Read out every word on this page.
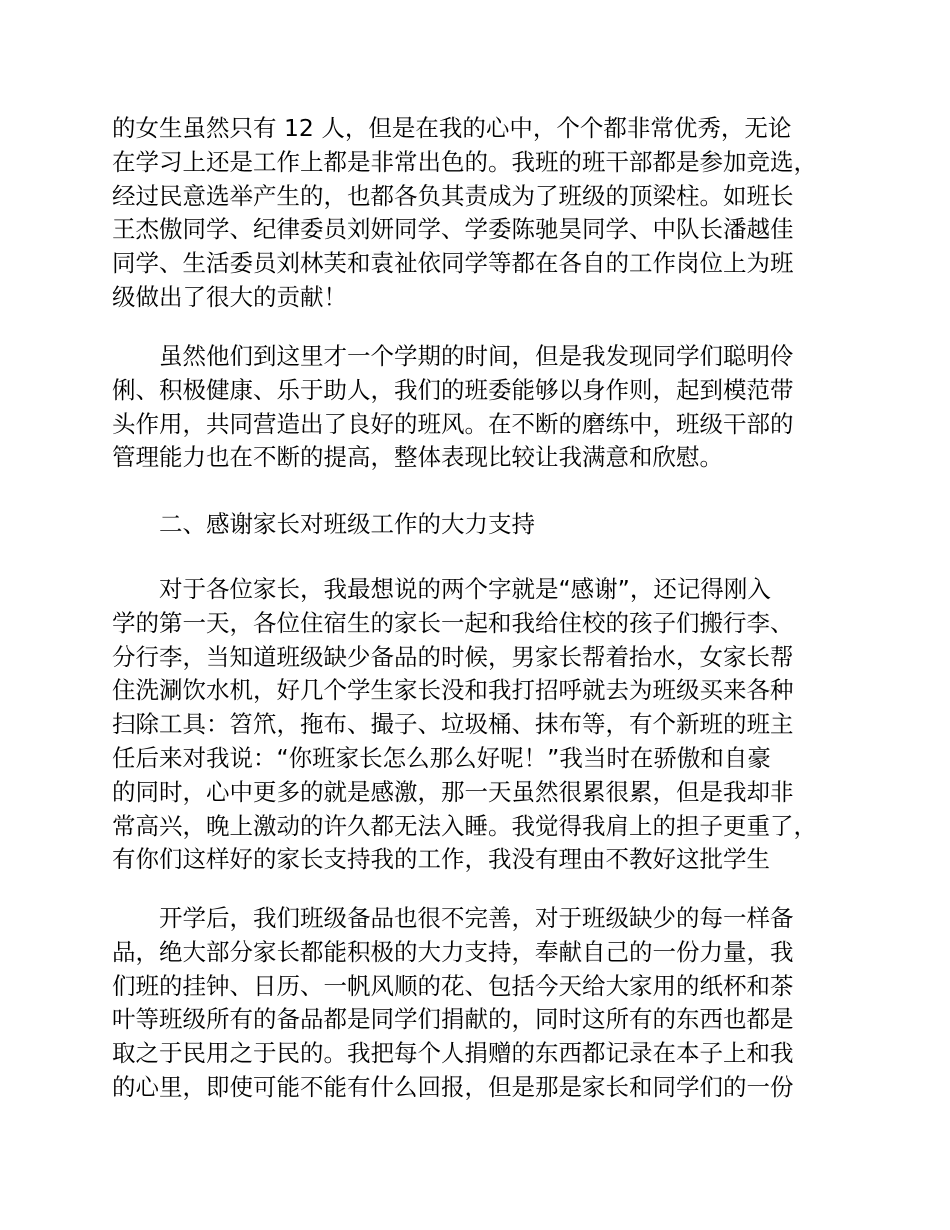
的女生虽然只有 12 人，但是在我的心中，个个都非常优秀，无论
在学习上还是工作上都是非常出色的。我班的班干部都是参加竞选，
经过民意选举产生的，也都各负其责成为了班级的顶梁柱。如班长
王杰傲同学、纪律委员刘妍同学、学委陈驰昊同学、中队长潘越佳
同学、生活委员刘林芙和袁祉依同学等都在各自的工作岗位上为班
级做出了很大的贡献！
虽然他们到这里才一个学期的时间，但是我发现同学们聪明伶
俐、积极健康、乐于助人，我们的班委能够以身作则，起到模范带
头作用，共同营造出了良好的班风。在不断的磨练中，班级干部的
管理能力也在不断的提高，整体表现比较让我满意和欣慰。
二、感谢家长对班级工作的大力支持
对于各位家长，我最想说的两个字就是“感谢”，还记得刚入
学的第一天，各位住宿生的家长一起和我给住校的孩子们搬行李、
分行李，当知道班级缺少备品的时候，男家长帮着抬水，女家长帮
住洗涮饮水机，好几个学生家长没和我打招呼就去为班级买来各种
扫除工具：笤笊，拖布、撮子、垃圾桶、抹布等，有个新班的班主
任后来对我说：“你班家长怎么那么好呢！”我当时在骄傲和自豪
的同时，心中更多的就是感激，那一天虽然很累很累，但是我却非
常高兴，晚上激动的许久都无法入睡。我觉得我肩上的担子更重了，
有你们这样好的家长支持我的工作，我没有理由不教好这批学生
开学后，我们班级备品也很不完善，对于班级缺少的每一样备
品，绝大部分家长都能积极的大力支持，奉献自己的一份力量，我
们班的挂钟、日历、一帆风顺的花、包括今天给大家用的纸杯和茶
叶等班级所有的备品都是同学们捐献的，同时这所有的东西也都是
取之于民用之于民的。我把每个人捐赠的东西都记录在本子上和我
的心里，即使可能不能有什么回报，但是那是家长和同学们的一份
